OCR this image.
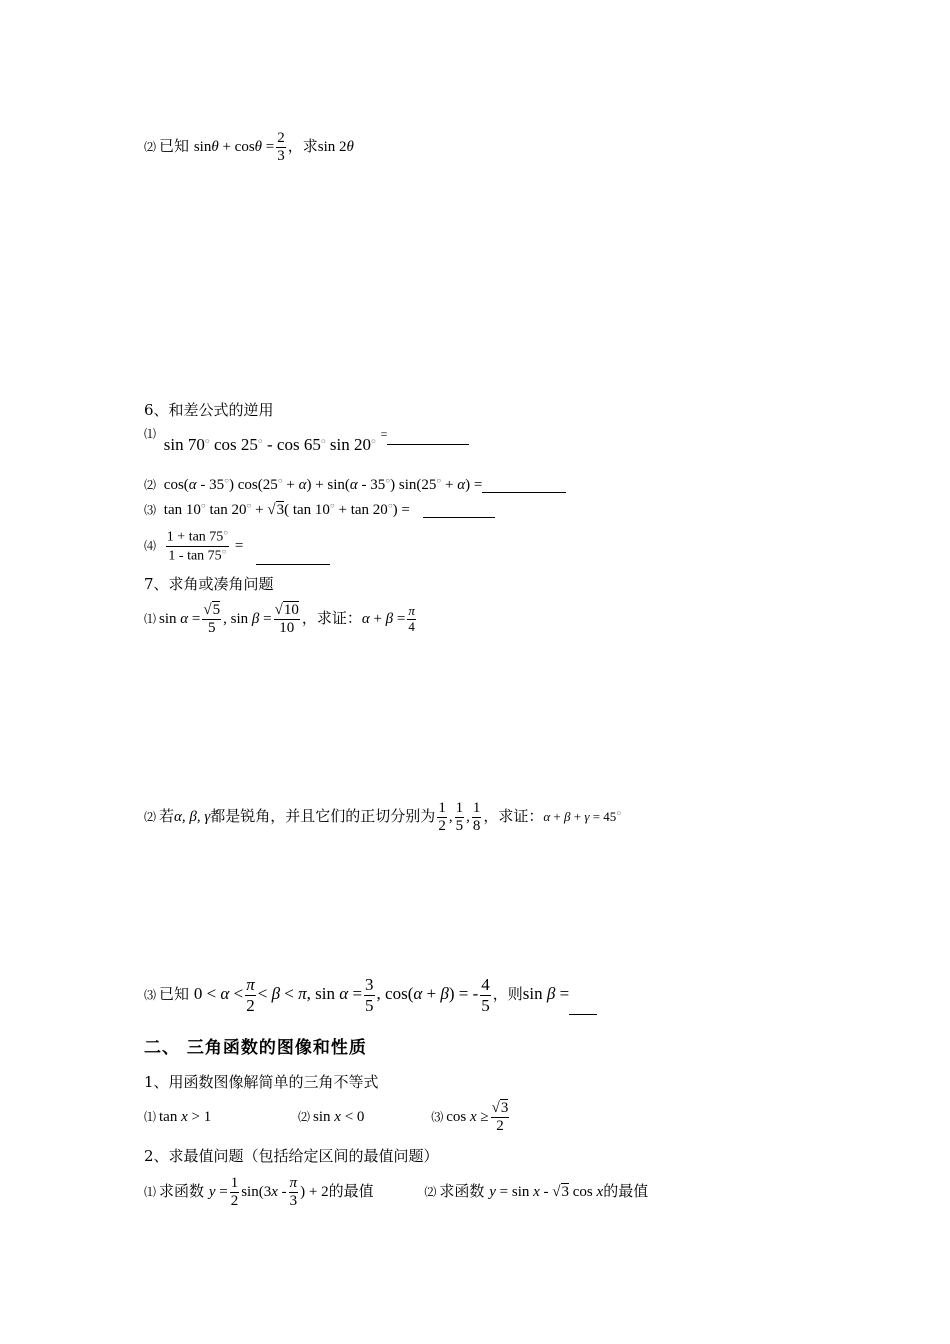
⑵ 已知 $\sin\theta + \cos\theta = \frac{2}{3}$ ，求sin 2θ
6、和差公式的逆用
⑴ sin 70○ cos 25○ - cos 65○ sin 20○ =
⑵ cos(α - 35○) cos(25○ + α) + sin(α - 35○) sin(25○ + α) =
⑶ tan 10○ tan 20○ + √3( tan 10○ + tan 20○) =
⑷ $\frac{1 + \tan 75^○}{1 - \tan 75^○}$ =
7、求角或凑角问题
⑴ $\sin \alpha = \frac{√5}{5}$ , $\sin \beta = \frac{√10}{10}$ ，求证：$\alpha + \beta = \frac{\pi}{4}$
⑵ 若α, β, γ都是锐角，并且它们的正切分别为 $\frac{1}{2}$ , $\frac{1}{5}$ , $\frac{1}{8}$ ，求证：α + β + γ = 45○
⑶ 已知 $0 < \alpha < \frac{\pi}{2} < \beta < \pi$, $\sin \alpha = \frac{3}{5}$ , cos(α + β) = - $\frac{4}{5}$ ，则sin β =
二、 三角函数的图像和性质
1、用函数图像解简单的三角不等式
⑴ tan x > 1	⑵ sin x < 0	⑶ $\cos x \ge \frac{√3}{2}$
2、求最值问题（包括给定区间的最值问题）
⑴ 求函数 $y = \frac{1}{2} \sin(3x - \frac{\pi}{3}$ ) + 2的最值	⑵ 求函数 y = sin x - √3 cos x的最值
